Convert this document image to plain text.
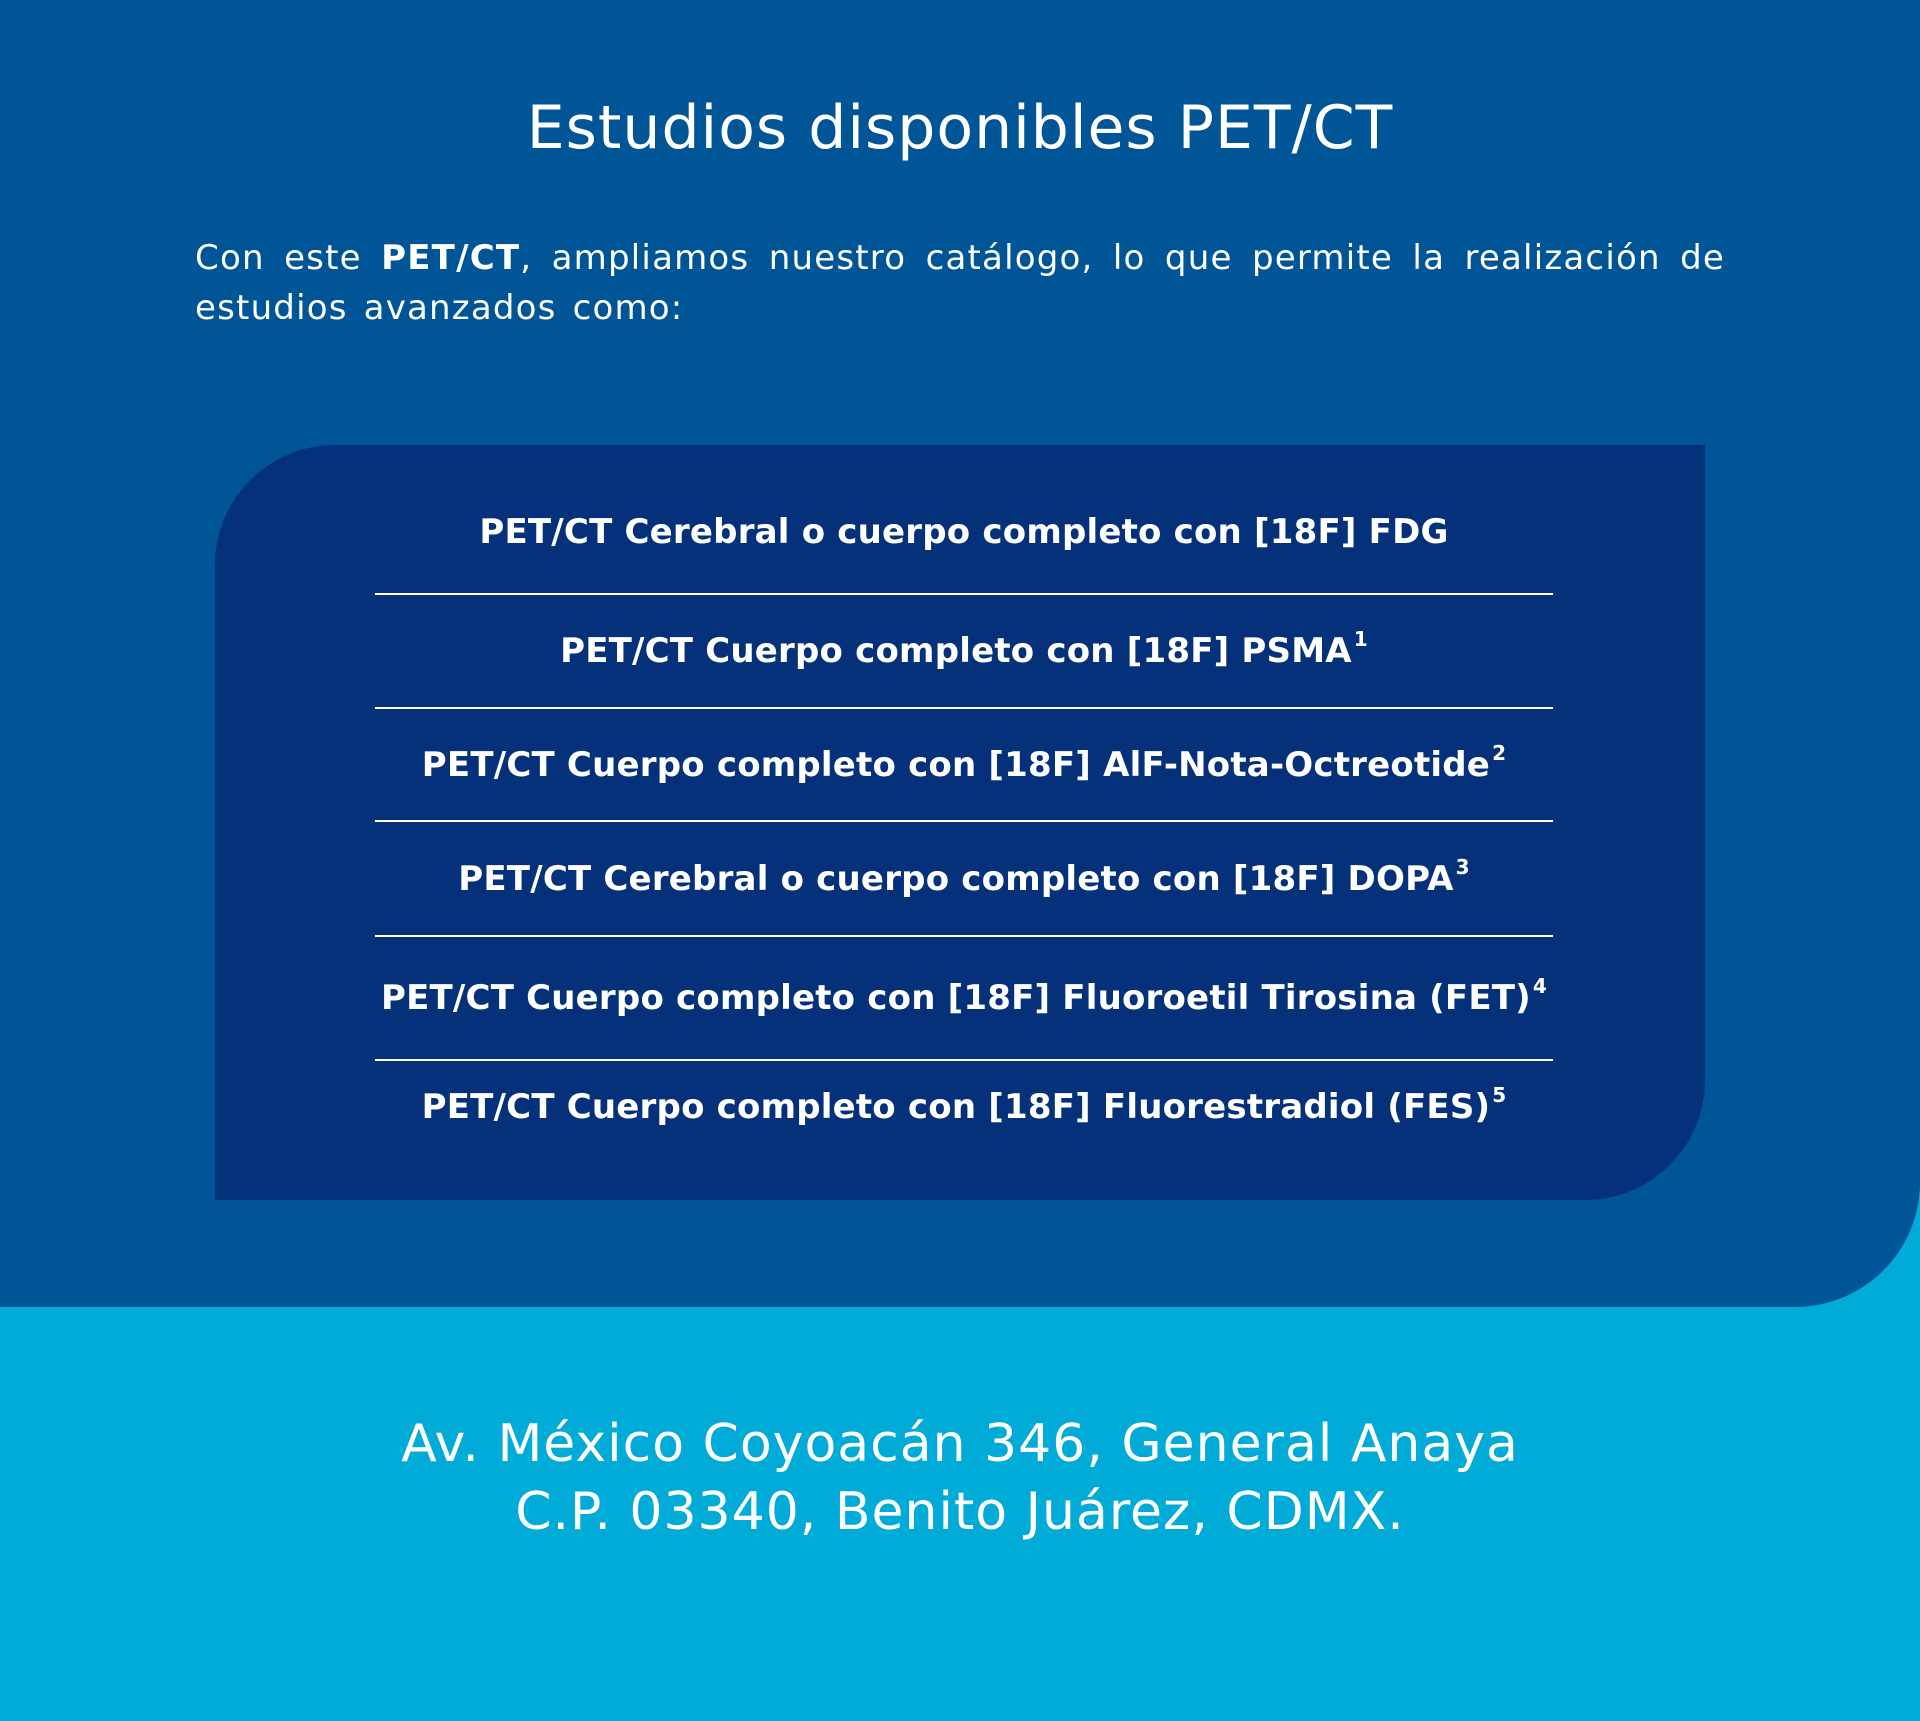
Estudios disponibles PET/CT

Con este PET/CT, ampliamos nuestro catálogo, lo que permite la realización de estudios avanzados como:

PET/CT Cerebral o cuerpo completo con [18F] FDG
PET/CT Cuerpo completo con [18F] PSMA$^1$
PET/CT Cuerpo completo con [18F] AlF-Nota-Octreotide$^2$
PET/CT Cerebral o cuerpo completo con [18F] DOPA$^3$
PET/CT Cuerpo completo con [18F] Fluoroetil Tirosina (FET)$^4$
PET/CT Cuerpo completo con [18F] Fluorestradiol (FES)$^5$

Av. México Coyoacán 346, General Anaya
C.P. 03340, Benito Juárez, CDMX.
